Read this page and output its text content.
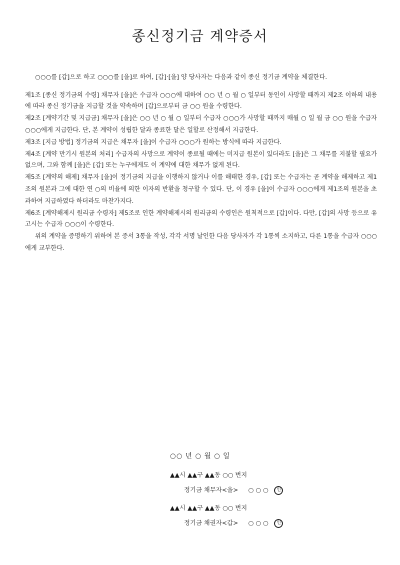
종신정기금 계약증서

○○○를 [갑]으로 하고 ○○○를 [을]로 하여, [갑]·[을] 양 당사자는 다음과 같이 종신 정기금 계약을 체결한다.

제1조 [종신 정기금의 수령] 채무자 [을]은 수급자 ○○○에 대하여 ○○ 년 ○ 월 ○ 일부터 동인이 사망할 때까지 제2조 이하의 내용에 따라 종신 정기금을 지급할 것을 약속하며 [갑]으로부터 금 ○○ 원을 수령한다.

제2조 [계약기간 및 지급금] 채무자 [을]은 ○○ 년 ○ 월 ○ 일부터 수급자 ○○○가 사망할 때까지 매월 ○ 일 월 금 ○○ 원을 수급자 ○○○에게 지급한다. 단, 본 계약이 성립한 달과 종료한 달은 일할로 산정해서 지급한다.

제3조 [지급 방법] 정기금의 지급은 채무자 [을]이 수급자 ○○○가 원하는 방식에 따라 지급한다.

제4조 [계약 만기시 원본의 처리] 수급자의 사망으로 계약이 종료될 때에는 미지급 원본이 있더라도 [을]은 그 채무를 지불할 필요가 없으며, 그와 함께 [을]은 [갑] 또는 누구에게도 이 계약에 대한 채무가 없게 된다.

제5조 [계약의 해제] 채무자 [을]이 정기금의 지급을 이행하지 않거나 이를 해태한 경우, [갑] 또는 수급자는 곧 계약을 해제하고 제1조의 원본과 그에 대한 연 ○의 비율에 의한 이자의 반환을 청구할 수 있다. 단, 이 경우 [을]이 수급자 ○○○에게 제1조의 원본을 초과하여 지급하였다 하더라도 마찬가지다.

제6조 [계약해제시 원리금 수령자] 제5조로 인한 계약해제시의 원리금의 수령인은 원칙적으로 [갑]이다. 다만, [갑]의 사망 등으로 유고시는 수급자 ○○○이 수령한다.

위의 계약을 증명하기 위하여 본 증서 3통을 작성, 각각 서명 날인한 다음 당사자가 각 1통씩 소지하고, 다른 1통을 수급자 ○○○에게 교부한다.

○○ 년 ○ 월 ○ 일
▲▲시 ▲▲구 ▲▲동 ○○ 번지
정기금 채무자<을> ○ ○ ○ 인
▲▲시 ▲▲구 ▲▲동 ○○ 번지
정기금 채권자<갑> ○ ○ ○ 인
